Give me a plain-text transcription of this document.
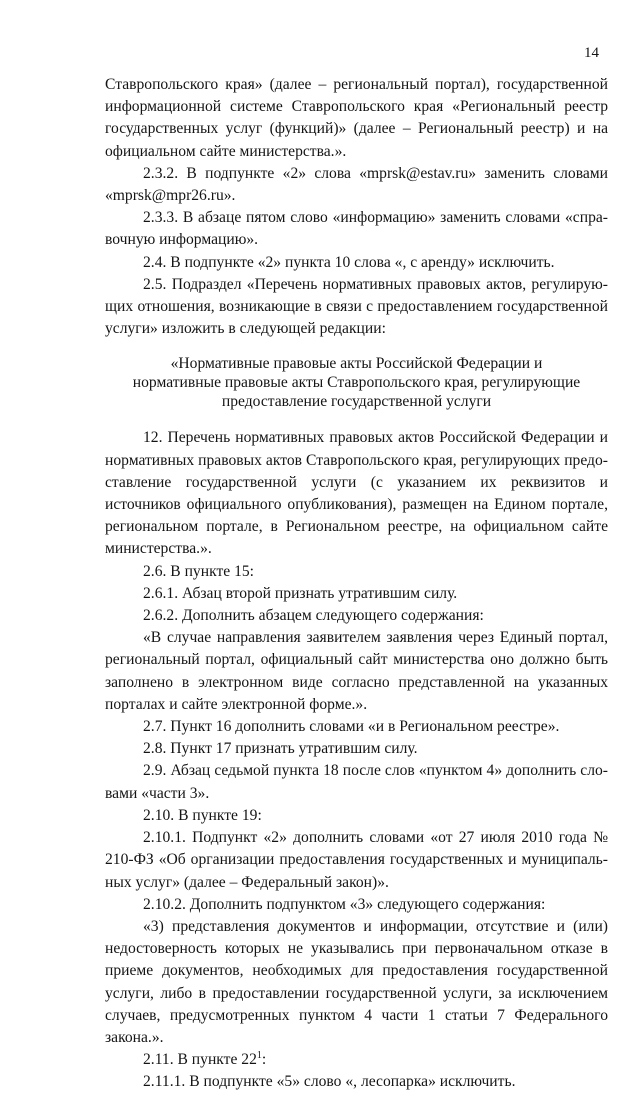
14

Ставропольского края» (далее – региональный портал), государственной информационной системе Ставропольского края «Региональный реестр государственных услуг (функций)» (далее – Региональный реестр) и на официальном сайте министерства.».

2.3.2. В подпункте «2» слова «mprsk@estav.ru» заменить словами «mprsk@mpr26.ru».

2.3.3. В абзаце пятом слово «информацию» заменить словами «справочную информацию».

2.4. В подпункте «2» пункта 10 слова «, с аренду» исключить.

2.5. Подраздел «Перечень нормативных правовых актов, регулирующих отношения, возникающие в связи с предоставлением государственной услуги» изложить в следующей редакции:

«Нормативные правовые акты Российской Федерации и
нормативные правовые акты Ставропольского края, регулирующие
предоставление государственной услуги

12. Перечень нормативных правовых актов Российской Федерации и нормативных правовых актов Ставропольского края, регулирующих предоставление государственной услуги (с указанием их реквизитов и источников официального опубликования), размещен на Едином портале, региональном портале, в Региональном реестре, на официальном сайте министерства.».

2.6. В пункте 15:

2.6.1. Абзац второй признать утратившим силу.

2.6.2. Дополнить абзацем следующего содержания:

«В случае направления заявителем заявления через Единый портал, региональный портал, официальный сайт министерства оно должно быть заполнено в электронном виде согласно представленной на указанных порталах и сайте электронной форме.».

2.7. Пункт 16 дополнить словами «и в Региональном реестре».

2.8. Пункт 17 признать утратившим силу.

2.9. Абзац седьмой пункта 18 после слов «пунктом 4» дополнить словами «части 3».

2.10. В пункте 19:

2.10.1. Подпункт «2» дополнить словами «от 27 июля 2010 года № 210-ФЗ «Об организации предоставления государственных и муниципальных услуг» (далее – Федеральный закон)».

2.10.2. Дополнить подпунктом «3» следующего содержания:

«3) представления документов и информации, отсутствие и (или) недостоверность которых не указывались при первоначальном отказе в приеме документов, необходимых для предоставления государственной услуги, либо в предоставлении государственной услуги, за исключением случаев, предусмотренных пунктом 4 части 1 статьи 7 Федерального закона.».

2.11. В пункте $22^1$:

2.11.1. В подпункте «5» слово «, лесопарка» исключить.
